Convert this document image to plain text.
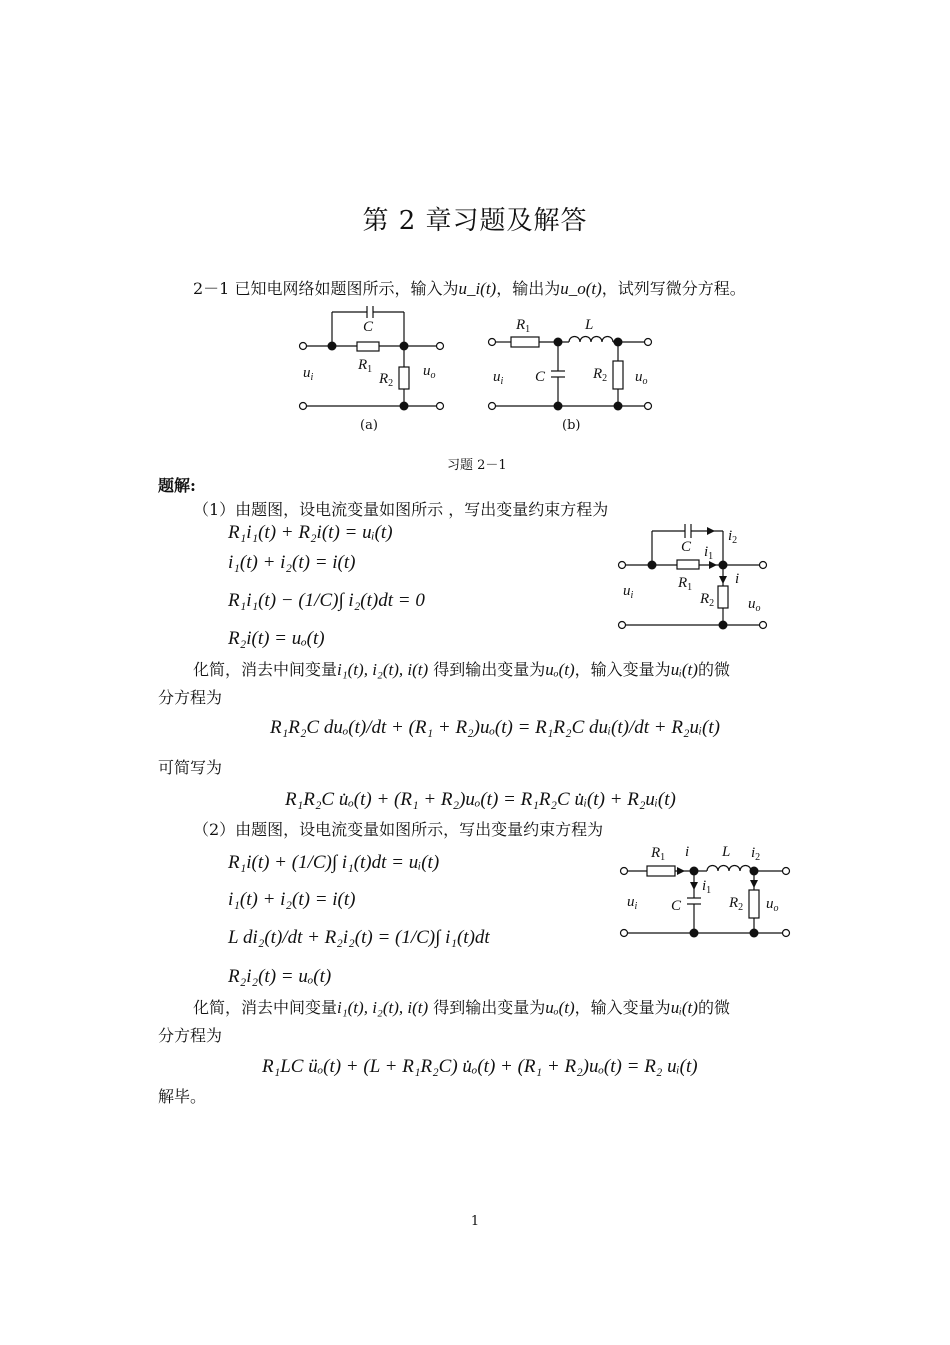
第 2 章习题及解答
2－1 已知电网络如题图所示，输入为u_i(t)，输出为u_o(t)，试列写微分方程。
C
$R_1$
$R_2$
$u_i$	$u_o$
(a)
$R_1$	L
C	$R_2$
$u_i$	$u_o$
(b)
习题 2－1
题解:
（1）由题图，设电流变量如图所示 ，写出变量约束方程为
R₁i₁(t) + R₂i(t) = uᵢ(t)
i₁(t) + i₂(t) = i(t)
R₁i₁(t) − (1/C)∫ i₂(t)dt = 0
R₂i(t) = uₒ(t)
C
$i_2$
$i_1$
$R_1$
i
$R_2$
$u_i$
$u_o$
化简，消去中间变量i₁(t), i₂(t), i(t) 得到输出变量为uₒ(t)，输入变量为uᵢ(t)的微
分方程为
R₁R₂C duₒ(t)/dt + (R₁ + R₂)uₒ(t) = R₁R₂C duᵢ(t)/dt + R₂uᵢ(t)
可简写为
R₁R₂C u̇ₒ(t) + (R₁ + R₂)uₒ(t) = R₁R₂C u̇ᵢ(t) + R₂uᵢ(t)
（2）由题图，设电流变量如图所示，写出变量约束方程为
R₁i(t) + (1/C)∫ i₁(t)dt = uᵢ(t)
i₁(t) + i₂(t) = i(t)
L di₂(t)/dt + R₂i₂(t) = (1/C)∫ i₁(t)dt
R₂i₂(t) = uₒ(t)
$R_1$ i L $i_2$
$i_1$
C	$R_2$
$u_i$	$u_o$
化简，消去中间变量i₁(t), i₂(t), i(t) 得到输出变量为uₒ(t)，输入变量为uᵢ(t)的微
分方程为
R₁LC üₒ(t) + (L + R₁R₂C) u̇ₒ(t) + (R₁ + R₂)uₒ(t) = R₂ uᵢ(t)
解毕。
1
